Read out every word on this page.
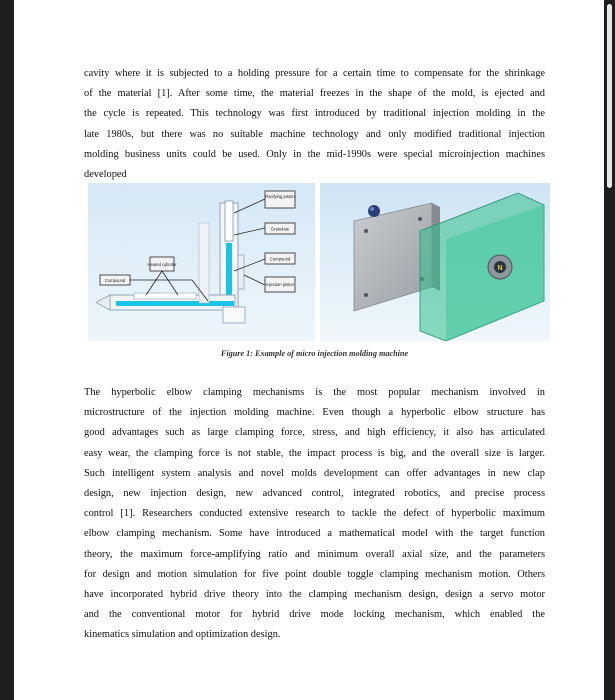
cavity where it is subjected to a holding pressure for a certain time to compensate for the shrinkage
of the material [1]. After some time, the material freezes in the shape of the mold, is ejected and
the cycle is repeated. This technology was first introduced by traditional injection molding in the
late 1980s, but there was no suitable machine technology and only modified traditional injection
molding business units could be used. Only in the mid-1990s were special microinjection machines
developed
Pacifying piston
Granulate
Compound
Injection piston
Heated cylinder
Compound
N
Figure 1: Example of micro injection molding machine
The hyperbolic elbow clamping mechanisms is the most popular mechanism involved in
microstructure of the injection molding machine. Even though a hyperbolic elbow structure has
good advantages such as large clamping force, stress, and high efficiency, it also has articulated
easy wear, the clamping force is not stable, the impact process is big, and the overall size is larger.
Such intelligent system analysis and novel molds development can offer advantages in new clap
design, new injection design, new advanced control, integrated robotics, and precise process
control [1]. Researchers conducted extensive research to tackle the defect of hyperbolic maximum
elbow clamping mechanism. Some have introduced a mathematical model with the target function
theory, the maximum force-amplifying ratio and minimum overall axial size, and the parameters
for design and motion simulation for five point double toggle clamping mechanism motion. Others
have incorporated hybrid drive theory into the clamping mechanism design, design a servo motor
and the conventional motor for hybrid drive mode locking mechanism, which enabled the
kinematics simulation and optimization design.
